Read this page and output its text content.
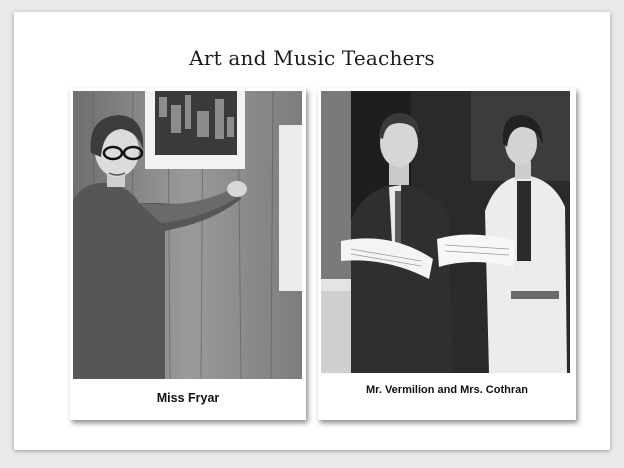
Art and Music Teachers
Miss Fryar
Mr. Vermilion and Mrs. Cothran
